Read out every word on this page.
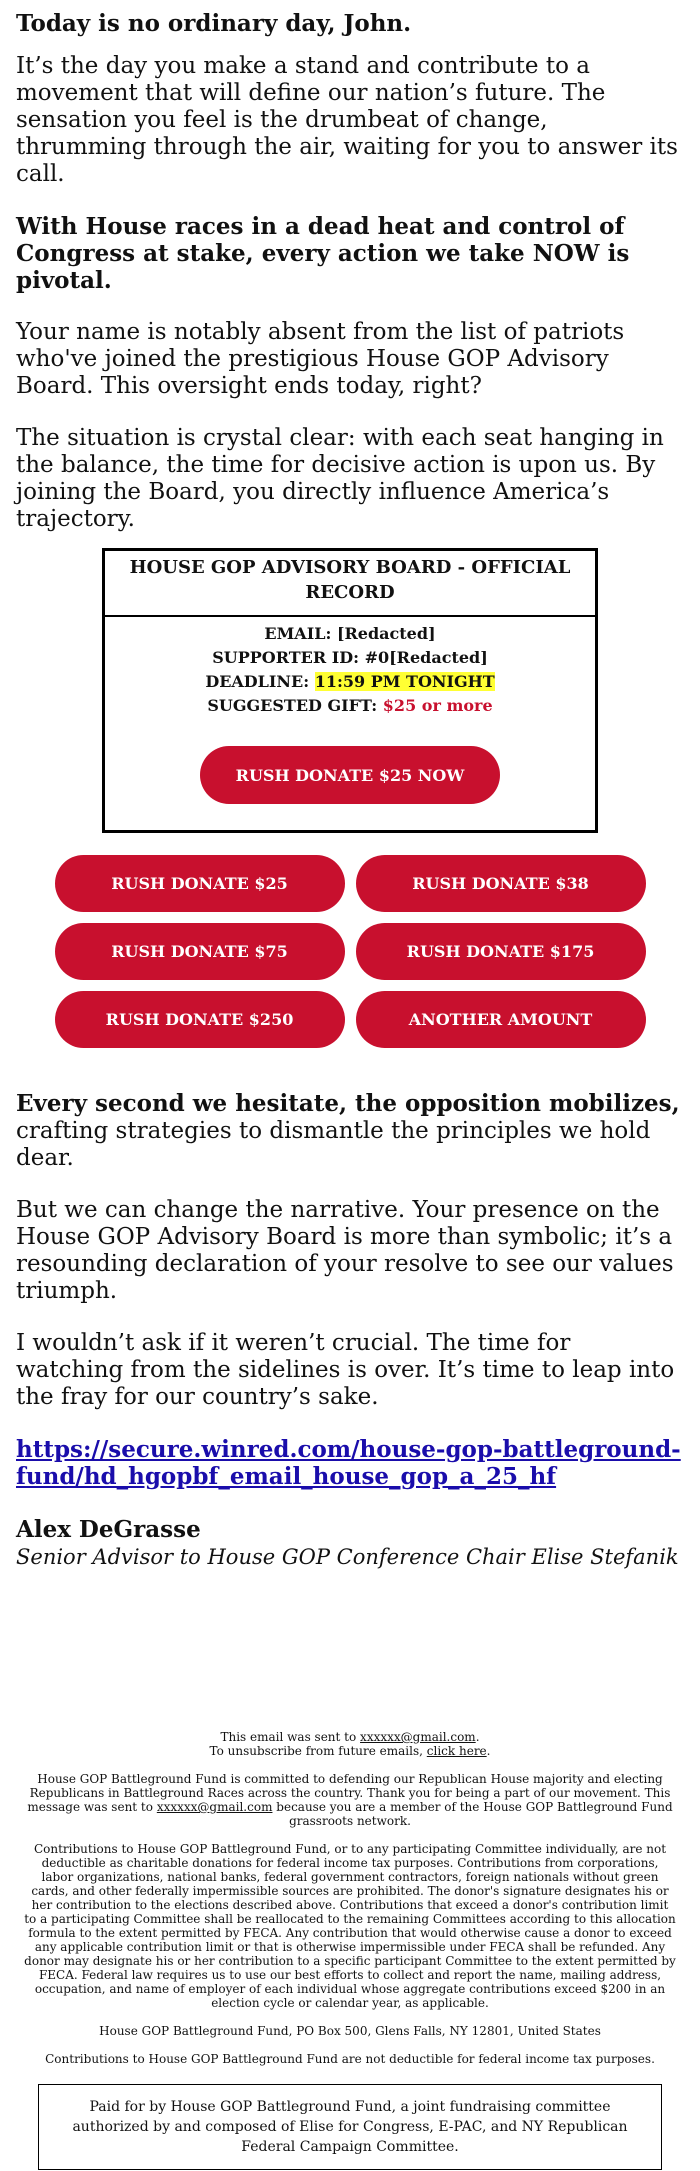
Today is no ordinary day, John.

It’s the day you make a stand and contribute to a movement that will define our nation’s future. The sensation you feel is the drumbeat of change, thrumming through the air, waiting for you to answer its call.

With House races in a dead heat and control of Congress at stake, every action we take NOW is pivotal.

Your name is notably absent from the list of patriots who've joined the prestigious House GOP Advisory Board. This oversight ends today, right?

The situation is crystal clear: with each seat hanging in the balance, the time for decisive action is upon us. By joining the Board, you directly influence America’s trajectory.

HOUSE GOP ADVISORY BOARD - OFFICIAL RECORD
EMAIL: [Redacted]
SUPPORTER ID: #0[Redacted]
DEADLINE: 11:59 PM TONIGHT
SUGGESTED GIFT: $25 or more
RUSH DONATE $25 NOW
RUSH DONATE $25	RUSH DONATE $38
RUSH DONATE $75	RUSH DONATE $175
RUSH DONATE $250	ANOTHER AMOUNT

Every second we hesitate, the opposition mobilizes, crafting strategies to dismantle the principles we hold dear.

But we can change the narrative. Your presence on the House GOP Advisory Board is more than symbolic; it’s a resounding declaration of your resolve to see our values triumph.

I wouldn’t ask if it weren’t crucial. The time for watching from the sidelines is over. It’s time to leap into the fray for our country’s sake.

https://secure.winred.com/house-gop-battleground-fund/hd_hgopbf_email_house_gop_a_25_hf
Alex DeGrasse
Senior Advisor to House GOP Conference Chair Elise Stefanik

This email was sent to xxxxxx@gmail.com.
To unsubscribe from future emails, click here.

House GOP Battleground Fund is committed to defending our Republican House majority and electing Republicans in Battleground Races across the country. Thank you for being a part of our movement. This message was sent to xxxxxx@gmail.com because you are a member of the House GOP Battleground Fund grassroots network.

Contributions to House GOP Battleground Fund, or to any participating Committee individually, are not deductible as charitable donations for federal income tax purposes. Contributions from corporations, labor organizations, national banks, federal government contractors, foreign nationals without green cards, and other federally impermissible sources are prohibited. The donor's signature designates his or her contribution to the elections described above. Contributions that exceed a donor's contribution limit to a participating Committee shall be reallocated to the remaining Committees according to this allocation formula to the extent permitted by FECA. Any contribution that would otherwise cause a donor to exceed any applicable contribution limit or that is otherwise impermissible under FECA shall be refunded. Any donor may designate his or her contribution to a specific participant Committee to the extent permitted by FECA. Federal law requires us to use our best efforts to collect and report the name, mailing address, occupation, and name of employer of each individual whose aggregate contributions exceed $200 in an election cycle or calendar year, as applicable.

House GOP Battleground Fund, PO Box 500, Glens Falls, NY 12801, United States

Contributions to House GOP Battleground Fund are not deductible for federal income tax purposes.

Paid for by House GOP Battleground Fund, a joint fundraising committee authorized by and composed of Elise for Congress, E-PAC, and NY Republican Federal Campaign Committee.
